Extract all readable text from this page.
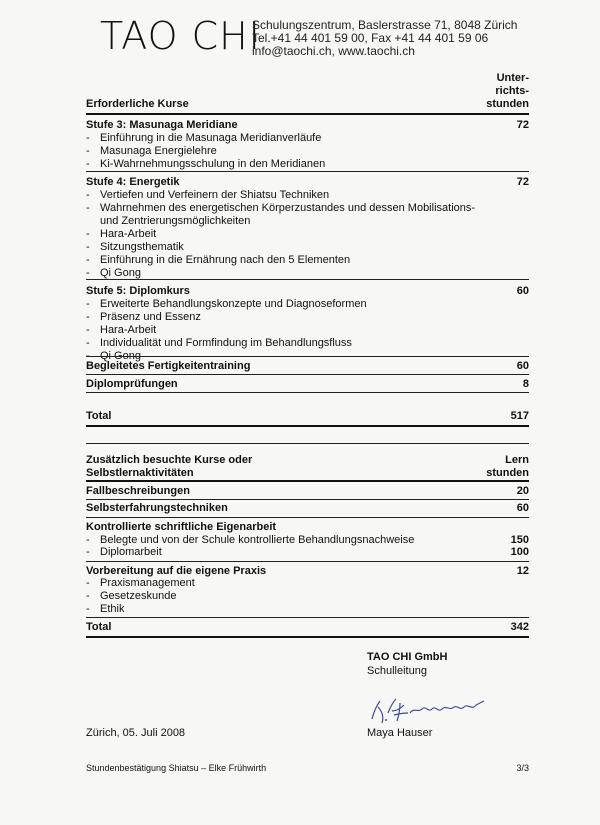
TAO CHI
Schulungszentrum, Baslerstrasse 71, 8048 Zürich
Tel.+41 44 401 59 00, Fax +41 44 401 59 06
info@taochi.ch, www.taochi.ch
Erforderliche Kurse
Unter-
richts-
stunden
Stufe 3: Masunaga Meridiane	72
- Einführung in die Masunaga Meridianverläufe
- Masunaga Energielehre
- Ki-Wahrnehmungsschulung in den Meridianen
Stufe 4: Energetik	72
- Vertiefen und Verfeinern der Shiatsu Techniken
- Wahrnehmen des energetischen Körperzustandes und dessen Mobilisations-
und Zentrierungsmöglichkeiten
- Hara-Arbeit
- Sitzungsthematik
- Einführung in die Ernährung nach den 5 Elementen
- Qi Gong
Stufe 5: Diplomkurs	60
- Erweiterte Behandlungskonzepte und Diagnoseformen
- Präsenz und Essenz
- Hara-Arbeit
- Individualität und Formfindung im Behandlungsfluss
- Qi Gong
Begleitetes Fertigkeitentraining	60
Diplomprüfungen	8
Total	517
Zusätzlich besuchte Kurse oder
Selbstlernaktivitäten
Lern
stunden
Fallbeschreibungen	20
Selbsterfahrungstechniken	60
Kontrollierte schriftliche Eigenarbeit
- Belegte und von der Schule kontrollierte Behandlungsnachweise	150
- Diplomarbeit	100
Vorbereitung auf die eigene Praxis	12
- Praxismanagement
- Gesetzeskunde
- Ethik
Total	342
TAO CHI GmbH
Schulleitung
Zürich, 05. Juli 2008	Maya Hauser
Stundenbestätigung Shiatsu – Elke Frühwirth	3/3
